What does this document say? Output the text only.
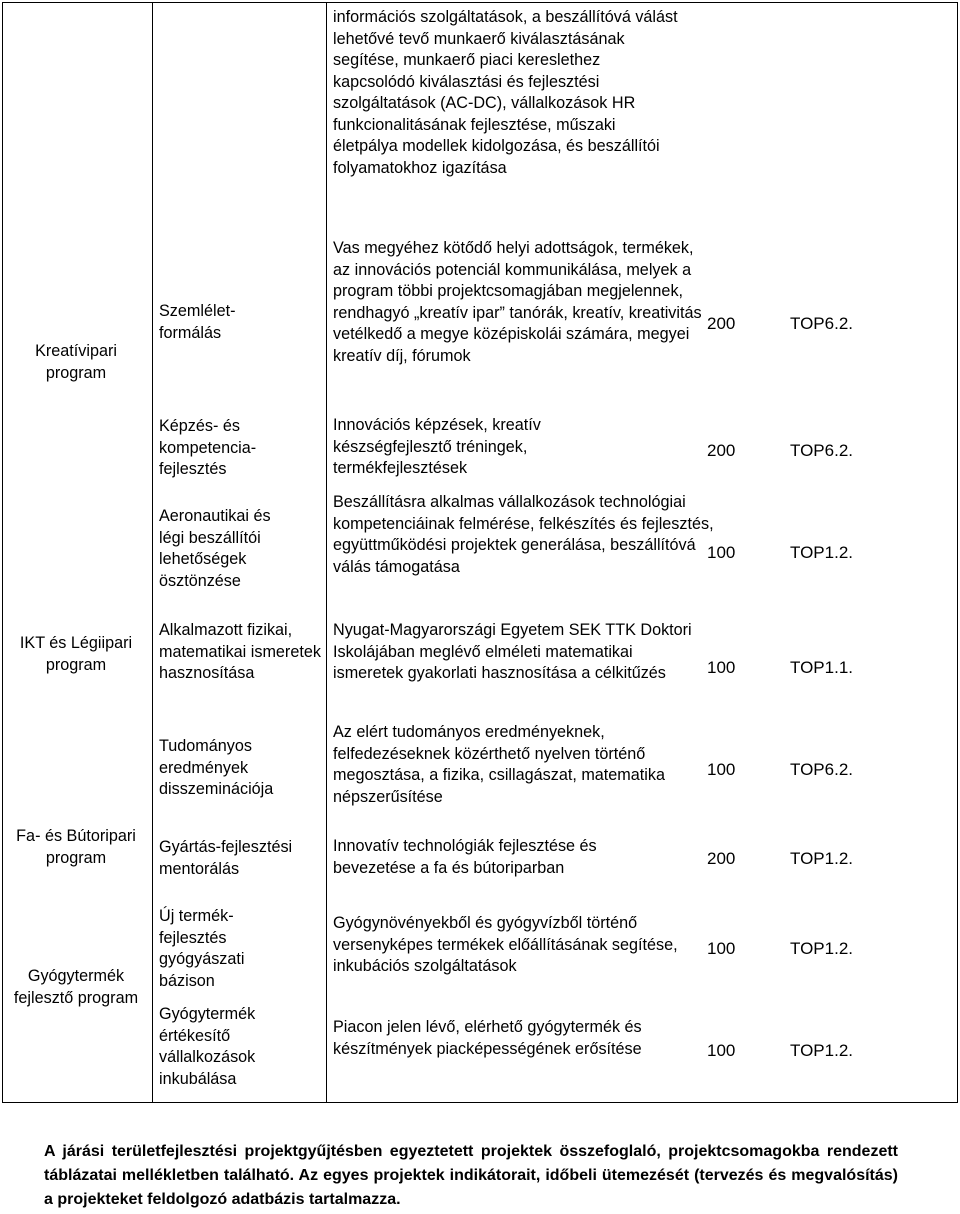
Kreatívipari program
IKT és Légiipari program
Fa- és Bútoripari program
Gyógytermék fejlesztő program
Szemlélet-formálás
Képzés- és kompetencia-fejlesztés
Aeronautikai és légi beszállítói lehetőségek ösztönzése
Alkalmazott fizikai, matematikai ismeretek hasznosítása
Tudományos eredmények disszeminációja
Gyártás-fejlesztési mentorálás
Új termék-fejlesztés gyógyászati bázison
Gyógytermék értékesítő vállalkozások inkubálása
információs szolgáltatások, a beszállítóvá válást lehetővé tevő munkaerő kiválasztásának segítése, munkaerő piaci kereslethez kapcsolódó kiválasztási és fejlesztési szolgáltatások (AC-DC), vállalkozások HR funkcionalitásának fejlesztése, műszaki életpálya modellek kidolgozása, és beszállítói folyamatokhoz igazítása
Vas megyéhez kötődő helyi adottságok, termékek, az innovációs potenciál kommunikálása, melyek a program többi projektcsomagjában megjelennek, rendhagyó „kreatív ipar” tanórák, kreatív, kreativitás vetélkedő a megye középiskolái számára, megyei kreatív díj, fórumok
Innovációs képzések, kreatív készségfejlesztő tréningek, termékfejlesztések
Beszállításra alkalmas vállalkozások technológiai kompetenciáinak felmérése, felkészítés és fejlesztés, együttműködési projektek generálása, beszállítóvá válás támogatása
Nyugat-Magyarországi Egyetem SEK TTK Doktori Iskolájában meglévő elméleti matematikai ismeretek gyakorlati hasznosítása a célkitűzés
Az elért tudományos eredményeknek, felfedezéseknek közérthető nyelven történő megosztása, a fizika, csillagászat, matematika népszerűsítése
Innovatív technológiák fejlesztése és bevezetése a fa és bútoriparban
Gyógynövényekből és gyógyvízből történő versenyképes termékek előállításának segítése, inkubációs szolgáltatások
Piacon jelen lévő, elérhető gyógytermék és készítmények piacképességének erősítése
200
200
100
100
100
200
100
100
TOP6.2.
TOP6.2.
TOP1.2.
TOP1.1.
TOP6.2.
TOP1.2.
TOP1.2.
TOP1.2.
A járási területfejlesztési projektgyűjtésben egyeztetett projektek összefoglaló, projektcsomagokba rendezett táblázatai mellékletben található. Az egyes projektek indikátorait, időbeli ütemezését (tervezés és megvalósítás) a projekteket feldolgozó adatbázis tartalmazza.
